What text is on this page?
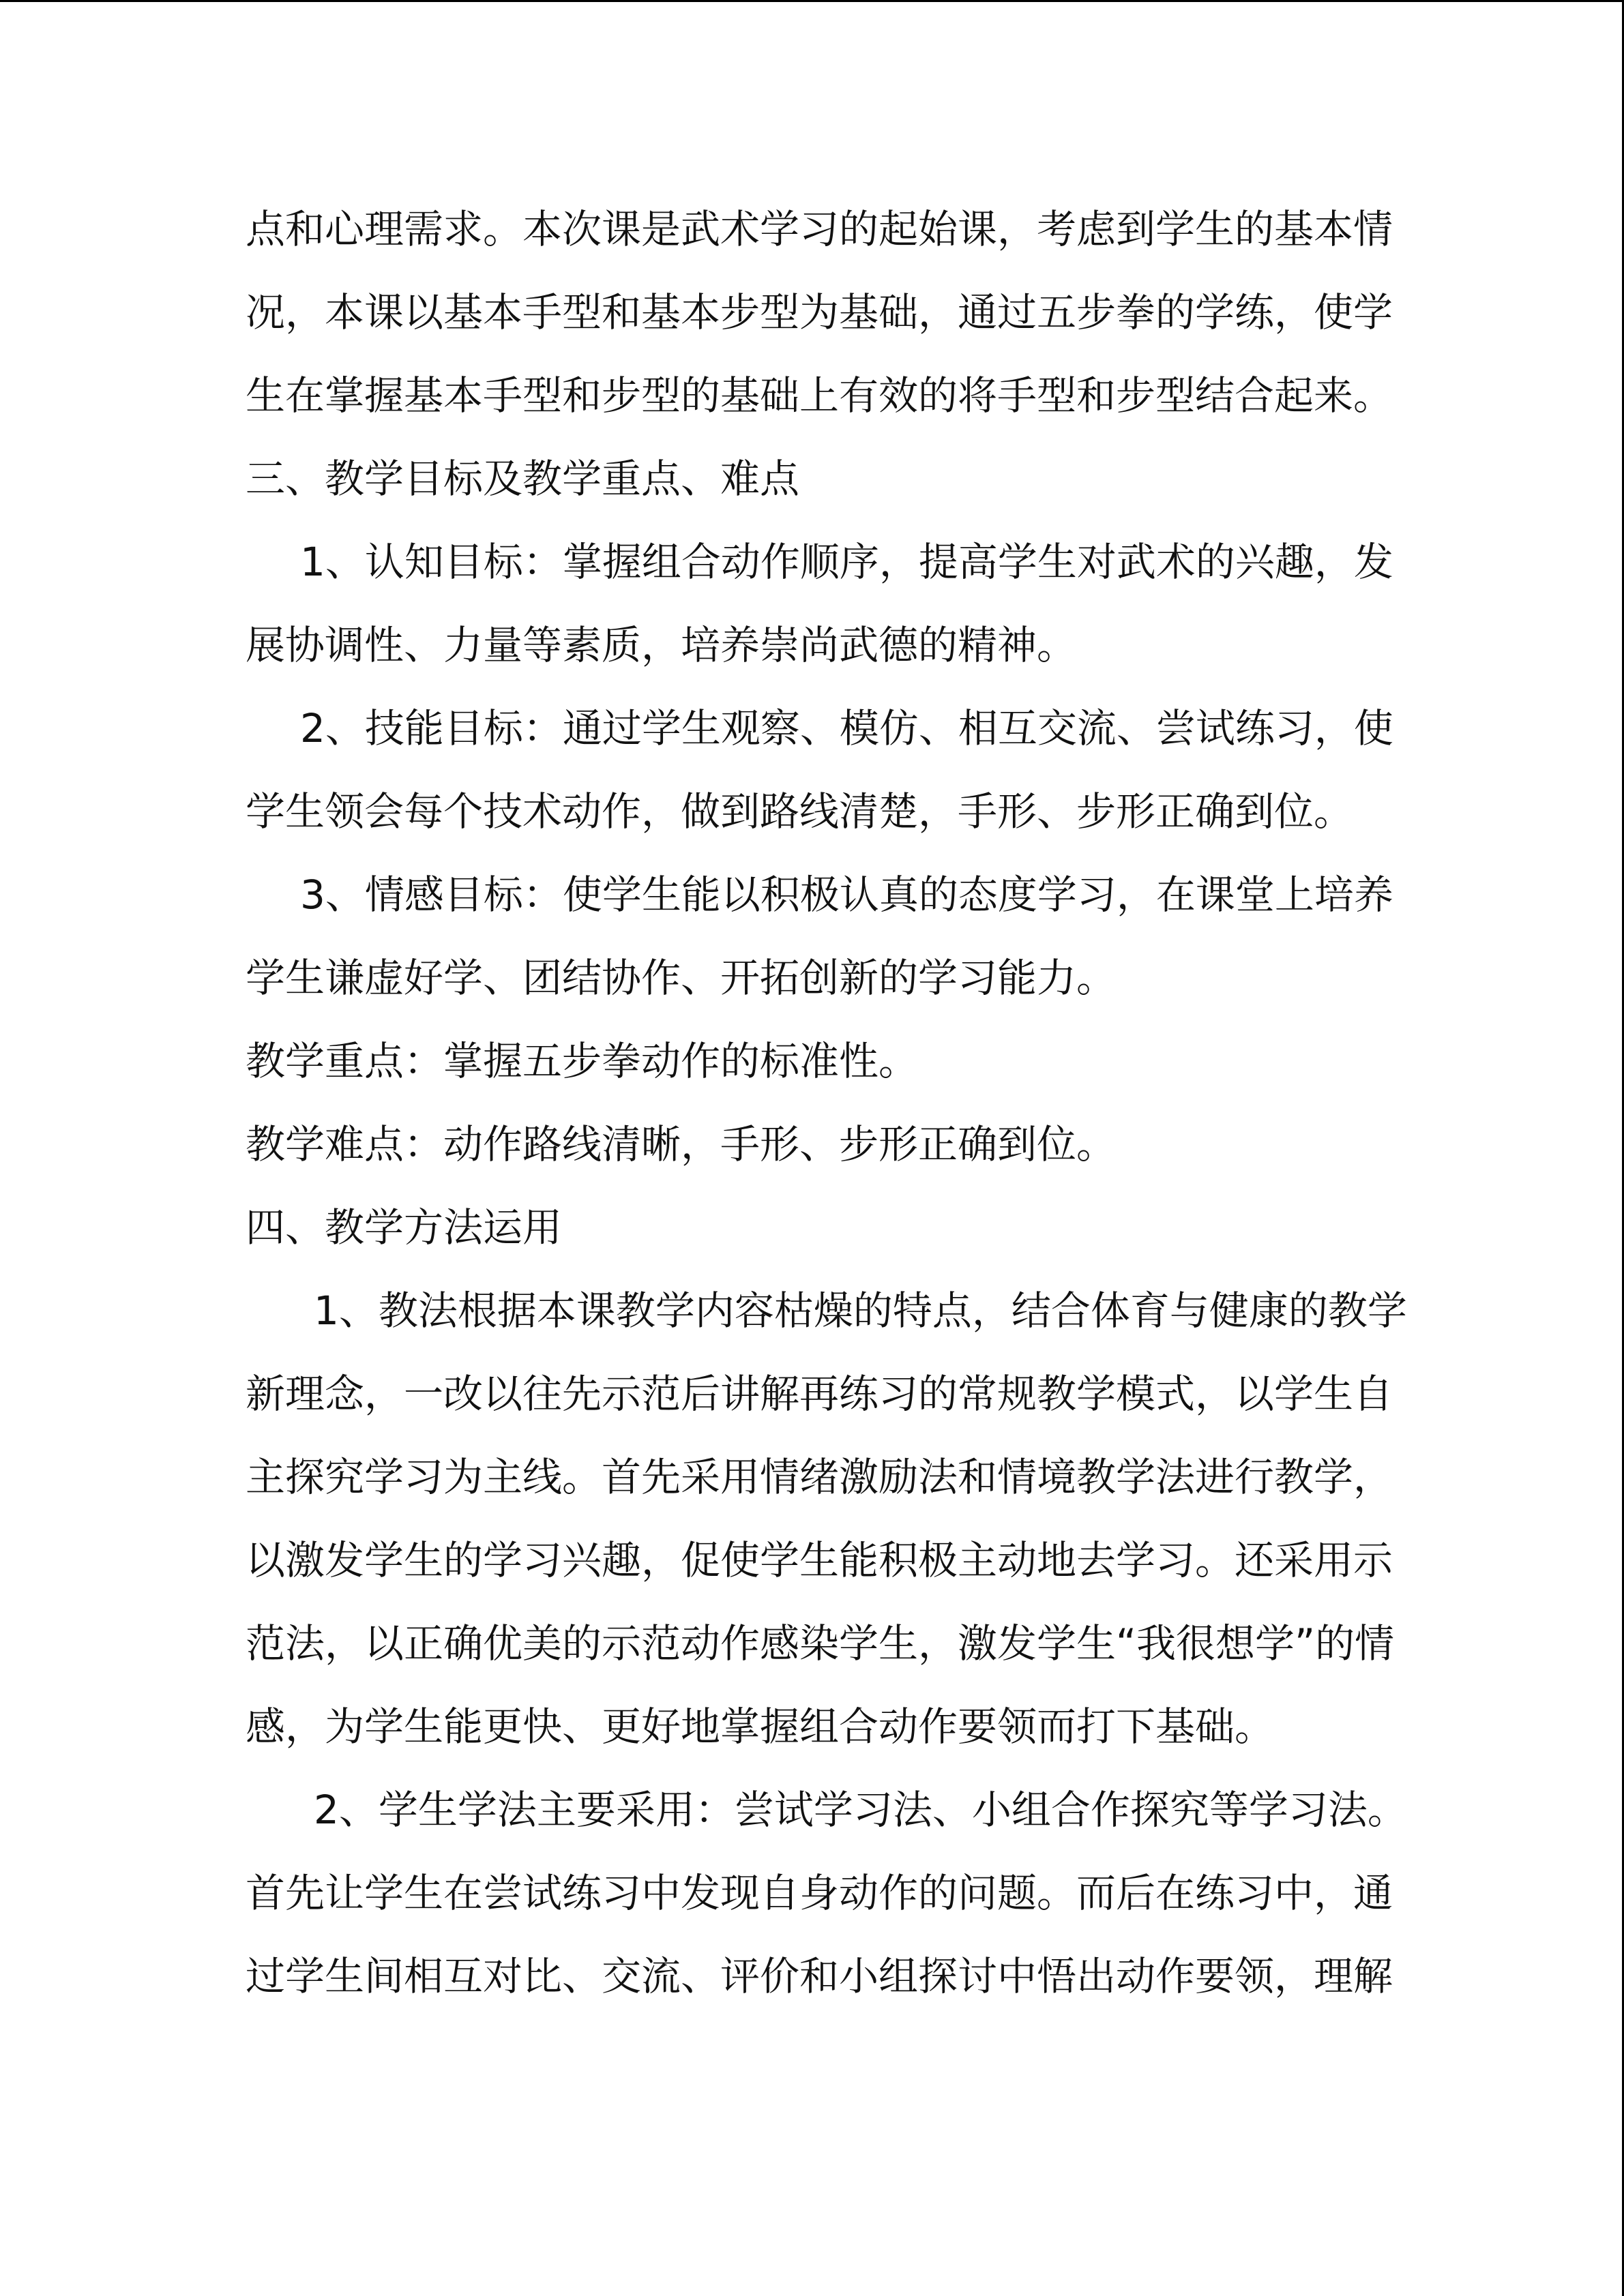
点和心理需求。本次课是武术学习的起始课，考虑到学生的基本情
况，本课以基本手型和基本步型为基础，通过五步拳的学练，使学
生在掌握基本手型和步型的基础上有效的将手型和步型结合起来。
三、教学目标及教学重点、难点
1、认知目标：掌握组合动作顺序，提高学生对武术的兴趣，发
展协调性、力量等素质，培养崇尚武德的精神。
2、技能目标：通过学生观察、模仿、相互交流、尝试练习，使
学生领会每个技术动作，做到路线清楚，手形、步形正确到位。
3、情感目标：使学生能以积极认真的态度学习，在课堂上培养
学生谦虚好学、团结协作、开拓创新的学习能力。
教学重点：掌握五步拳动作的标准性。
教学难点：动作路线清晰，手形、步形正确到位。
四、教学方法运用
1、教法根据本课教学内容枯燥的特点，结合体育与健康的教学
新理念，一改以往先示范后讲解再练习的常规教学模式，以学生自
主探究学习为主线。首先采用情绪激励法和情境教学法进行教学，
以激发学生的学习兴趣，促使学生能积极主动地去学习。还采用示
范法，以正确优美的示范动作感染学生，激发学生“我很想学”的情
感，为学生能更快、更好地掌握组合动作要领而打下基础。
2、学生学法主要采用：尝试学习法、小组合作探究等学习法。
首先让学生在尝试练习中发现自身动作的问题。而后在练习中，通
过学生间相互对比、交流、评价和小组探讨中悟出动作要领，理解
